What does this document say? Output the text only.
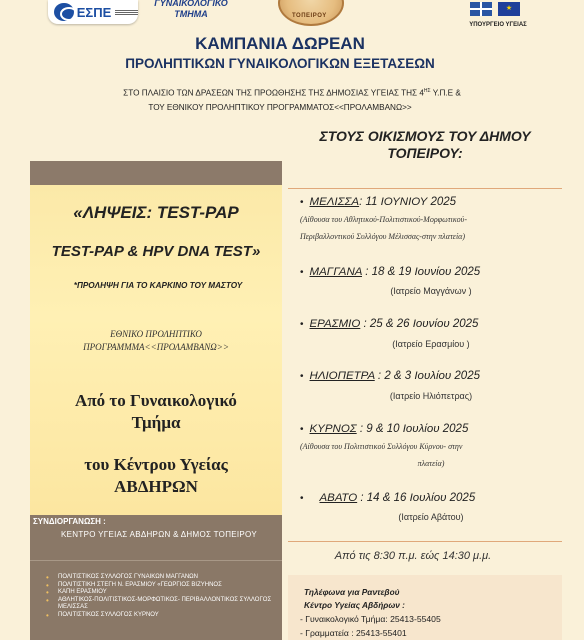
ΕΣΠΕ
ΓΥΝΑΙΚΟΛΟΓΙΚΟ ΤΜΗΜΑ	ΤΟΠΕΙΡΟΥ
★
ΥΠΟΥΡΓΕΙΟ ΥΓΕΙΑΣ
ΚΑΜΠΑΝΙΑ ΔΩΡΕΑΝ
ΠΡΟΛΗΠΤΙΚΩΝ ΓΥΝΑΙΚΟΛΟΓΙΚΩΝ ΕΞΕΤΑΣΕΩΝ
ΣΤΟ ΠΛΑΙΣΙΟ ΤΩΝ ΔΡΑΣΕΩΝ ΤΗΣ ΠΡΟΩΘΗΣΗΣ ΤΗΣ ΔΗΜΟΣΙΑΣ ΥΓΕΙΑΣ ΤΗΣ $4^{H\Sigma}$ Υ.Π.Ε &
ΤΟΥ ΕΘΝΙΚΟΥ ΠΡΟΛΗΠΤΙΚΟΥ ΠΡΟΓΡΑΜΜΑΤΟΣ<<ΠΡΟΛΑΜΒΑΝΩ>>
«ΛΗΨΕΙΣ: TEST-PAP
TEST-PAP & HPV DNA TEST»
*ΠΡΟΛΗΨΗ ΓΙΑ ΤΟ ΚΑΡΚΙΝΟ ΤΟΥ ΜΑΣΤΟΥ
ΕΘΝΙΚΟ ΠΡΟΛΗΠΤΙΚΟ
ΠΡΟΓΡΑΜΜΜΑ<<ΠΡΟΛΑΜΒΑΝΩ>>
Από το Γυναικολογικό
Τμήμα
του Κέντρου Υγείας
ΑΒΔΗΡΩΝ
ΣΥΝΔΙΟΡΓΑΝΩΣΗ :
ΚΕΝΤΡΟ ΥΓΕΙΑΣ ΑΒΔΗΡΩΝ & ΔΗΜΟΣ ΤΟΠΕΙΡΟΥ
• ΠΟΛΙΤΙΣΤΙΚΟΣ ΣΥΛΛΟΓΟΣ ΓΥΝΑΙΚΩΝ ΜΑΓΓΑΝΩΝ
• ΠΟΛΙΤΙΣΤΙΚΗ ΣΤΕΓΗ Ν. ΕΡΑΣΜΙΟΥ «ΓΕΩΡΓΙΟΣ ΒΙΖΥΗΝΟΣ
• ΚΑΠΗ ΕΡΑΣΜΙΟΥ
• ΑΘΛΗΤΙΚΟΣ-ΠΟΛΙΤΙΣΤΙΚΟΣ-ΜΟΡΦΩΤΙΚΟΣ- ΠΕΡΙΒΑΛΛΟΝΤΙΚΟΣ ΣΥΛΛΟΓΟΣ ΜΕΛΙΣΣΑΣ
• ΠΟΛΙΤΙΣΤΙΚΟΣ ΣΥΛΛΟΓΟΣ ΚΥΡΝΟΥ
ΣΤΟΥΣ ΟΙΚΙΣΜΟΥΣ ΤΟΥ ΔΗΜΟΥ
ΤΟΠΕΙΡΟΥ:
• ΜΕΛΙΣΣΑ: 11 ΙΟΥΝΙΟΥ 2025
(Αίθουσα του Αθλητικού-Πολιτιστικού-Μορφωτικού-
Περιβαλλοντικού Συλλόγου Μέλισσας-στην πλατεία)
• ΜΑΓΓΑΝΑ : 18 & 19 Ιουνίου 2025
(Ιατρείο Μαγγάνων )
• ΕΡΑΣΜΙΟ : 25 & 26 Ιουνίου 2025
(Ιατρείο Ερασμίου )
• ΗΛΙΟΠΕΤΡΑ : 2 & 3 Ιουλίου 2025
(Ιατρείο Ηλιόπετρας)
• ΚΥΡΝΟΣ : 9 & 10 Ιουλίου 2025
(Αίθουσα του Πολιτιστικού Συλλόγου Κύρνου- στην
πλατεία)
• ΑΒΑΤΟ : 14 & 16 Ιουλίου 2025
(Ιατρείο Αβάτου)
Από τις 8:30 π.μ. εώς 14:30 μ.μ.
Τηλέφωνα για Ραντεβού
Κέντρο Υγείας Αβδήρων :
- Γυναικολογικό Τμήμα: 25413-55405
- Γραμματεία : 25413-55401
